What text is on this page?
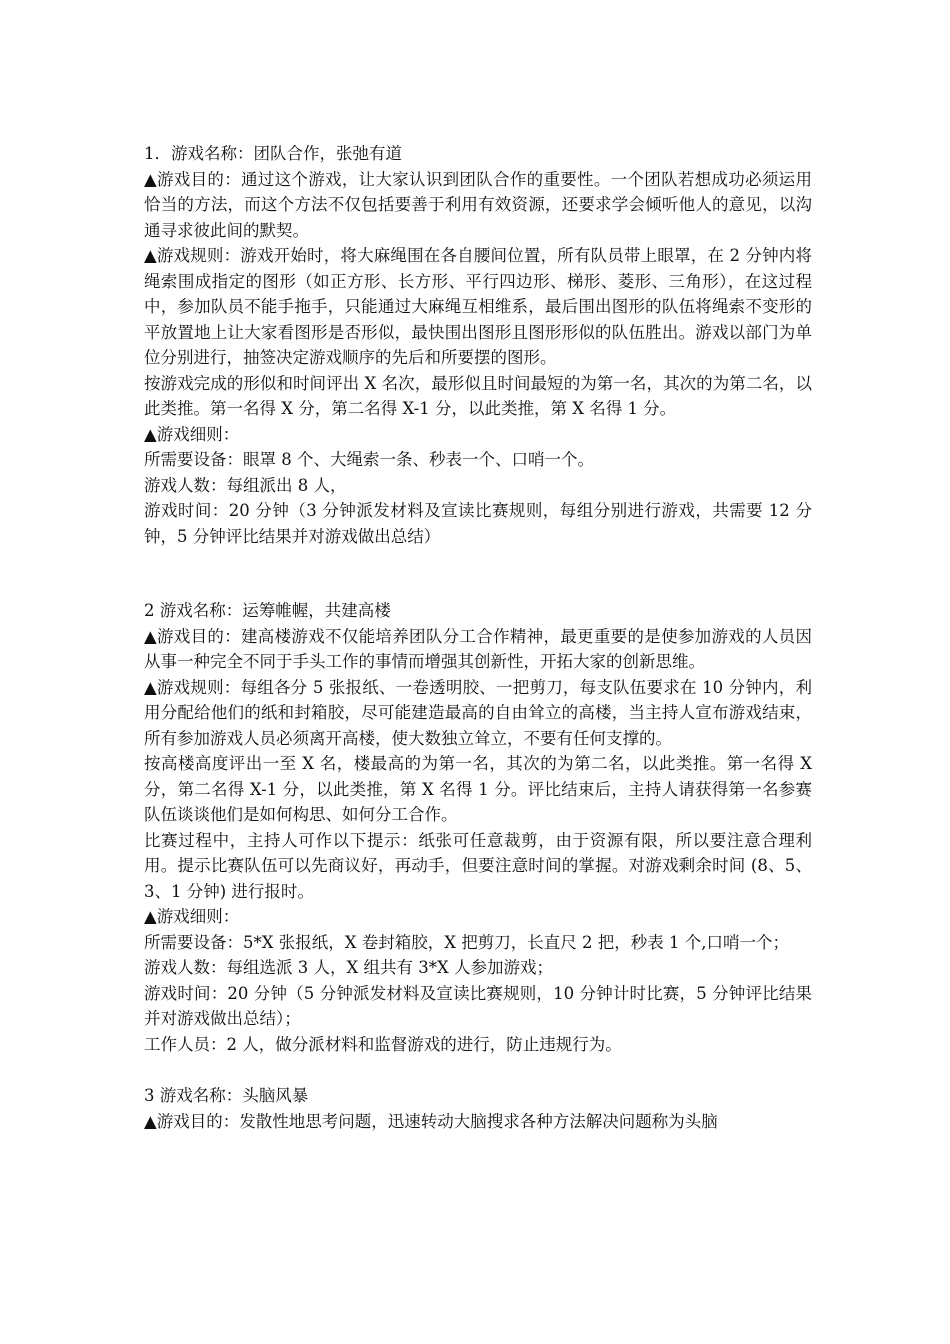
1．游戏名称：团队合作，张弛有道

▲游戏目的：通过这个游戏，让大家认识到团队合作的重要性。一个团队若想成功必须运用恰当的方法，而这个方法不仅包括要善于利用有效资源，还要求学会倾听他人的意见，以沟通寻求彼此间的默契。

▲游戏规则：游戏开始时，将大麻绳围在各自腰间位置，所有队员带上眼罩，在 2 分钟内将绳索围成指定的图形（如正方形、长方形、平行四边形、梯形、菱形、三角形），在这过程中，参加队员不能手拖手，只能通过大麻绳互相维系，最后围出图形的队伍将绳索不变形的平放置地上让大家看图形是否形似，最快围出图形且图形形似的队伍胜出。游戏以部门为单位分别进行，抽签决定游戏顺序的先后和所要摆的图形。

按游戏完成的形似和时间评出 X 名次，最形似且时间最短的为第一名，其次的为第二名，以此类推。第一名得 X 分，第二名得 X-1 分，以此类推，第 X 名得 1 分。

▲游戏细则：

所需要设备：眼罩 8 个、大绳索一条、秒表一个、口哨一个。

游戏人数：每组派出 8 人，

游戏时间：20 分钟（3 分钟派发材料及宣读比赛规则，每组分别进行游戏，共需要 12 分钟，5 分钟评比结果并对游戏做出总结）

2 游戏名称：运筹帷幄，共建高楼

▲游戏目的：建高楼游戏不仅能培养团队分工合作精神，最更重要的是使参加游戏的人员因从事一种完全不同于手头工作的事情而增强其创新性，开拓大家的创新思维。

▲游戏规则：每组各分 5 张报纸、一卷透明胶、一把剪刀，每支队伍要求在 10 分钟内，利用分配给他们的纸和封箱胶，尽可能建造最高的自由耸立的高楼，当主持人宣布游戏结束，所有参加游戏人员必须离开高楼，使大数独立耸立，不要有任何支撑的。

按高楼高度评出一至 X 名，楼最高的为第一名，其次的为第二名，以此类推。第一名得 X 分，第二名得 X-1 分，以此类推，第 X 名得 1 分。评比结束后，主持人请获得第一名参赛队伍谈谈他们是如何构思、如何分工合作。

比赛过程中，主持人可作以下提示：纸张可任意裁剪，由于资源有限，所以要注意合理利用。提示比赛队伍可以先商议好，再动手，但要注意时间的掌握。对游戏剩余时间 (8、5、3、1 分钟) 进行报时。

▲游戏细则：

所需要设备：5*X 张报纸，X 卷封箱胶，X 把剪刀，长直尺 2 把，秒表 1 个,口哨一个；

游戏人数：每组选派 3 人，X 组共有 3*X 人参加游戏；

游戏时间：20 分钟（5 分钟派发材料及宣读比赛规则，10 分钟计时比赛，5 分钟评比结果并对游戏做出总结）；

工作人员：2 人，做分派材料和监督游戏的进行，防止违规行为。

3 游戏名称：头脑风暴

▲游戏目的：发散性地思考问题，迅速转动大脑搜求各种方法解决问题称为头脑
